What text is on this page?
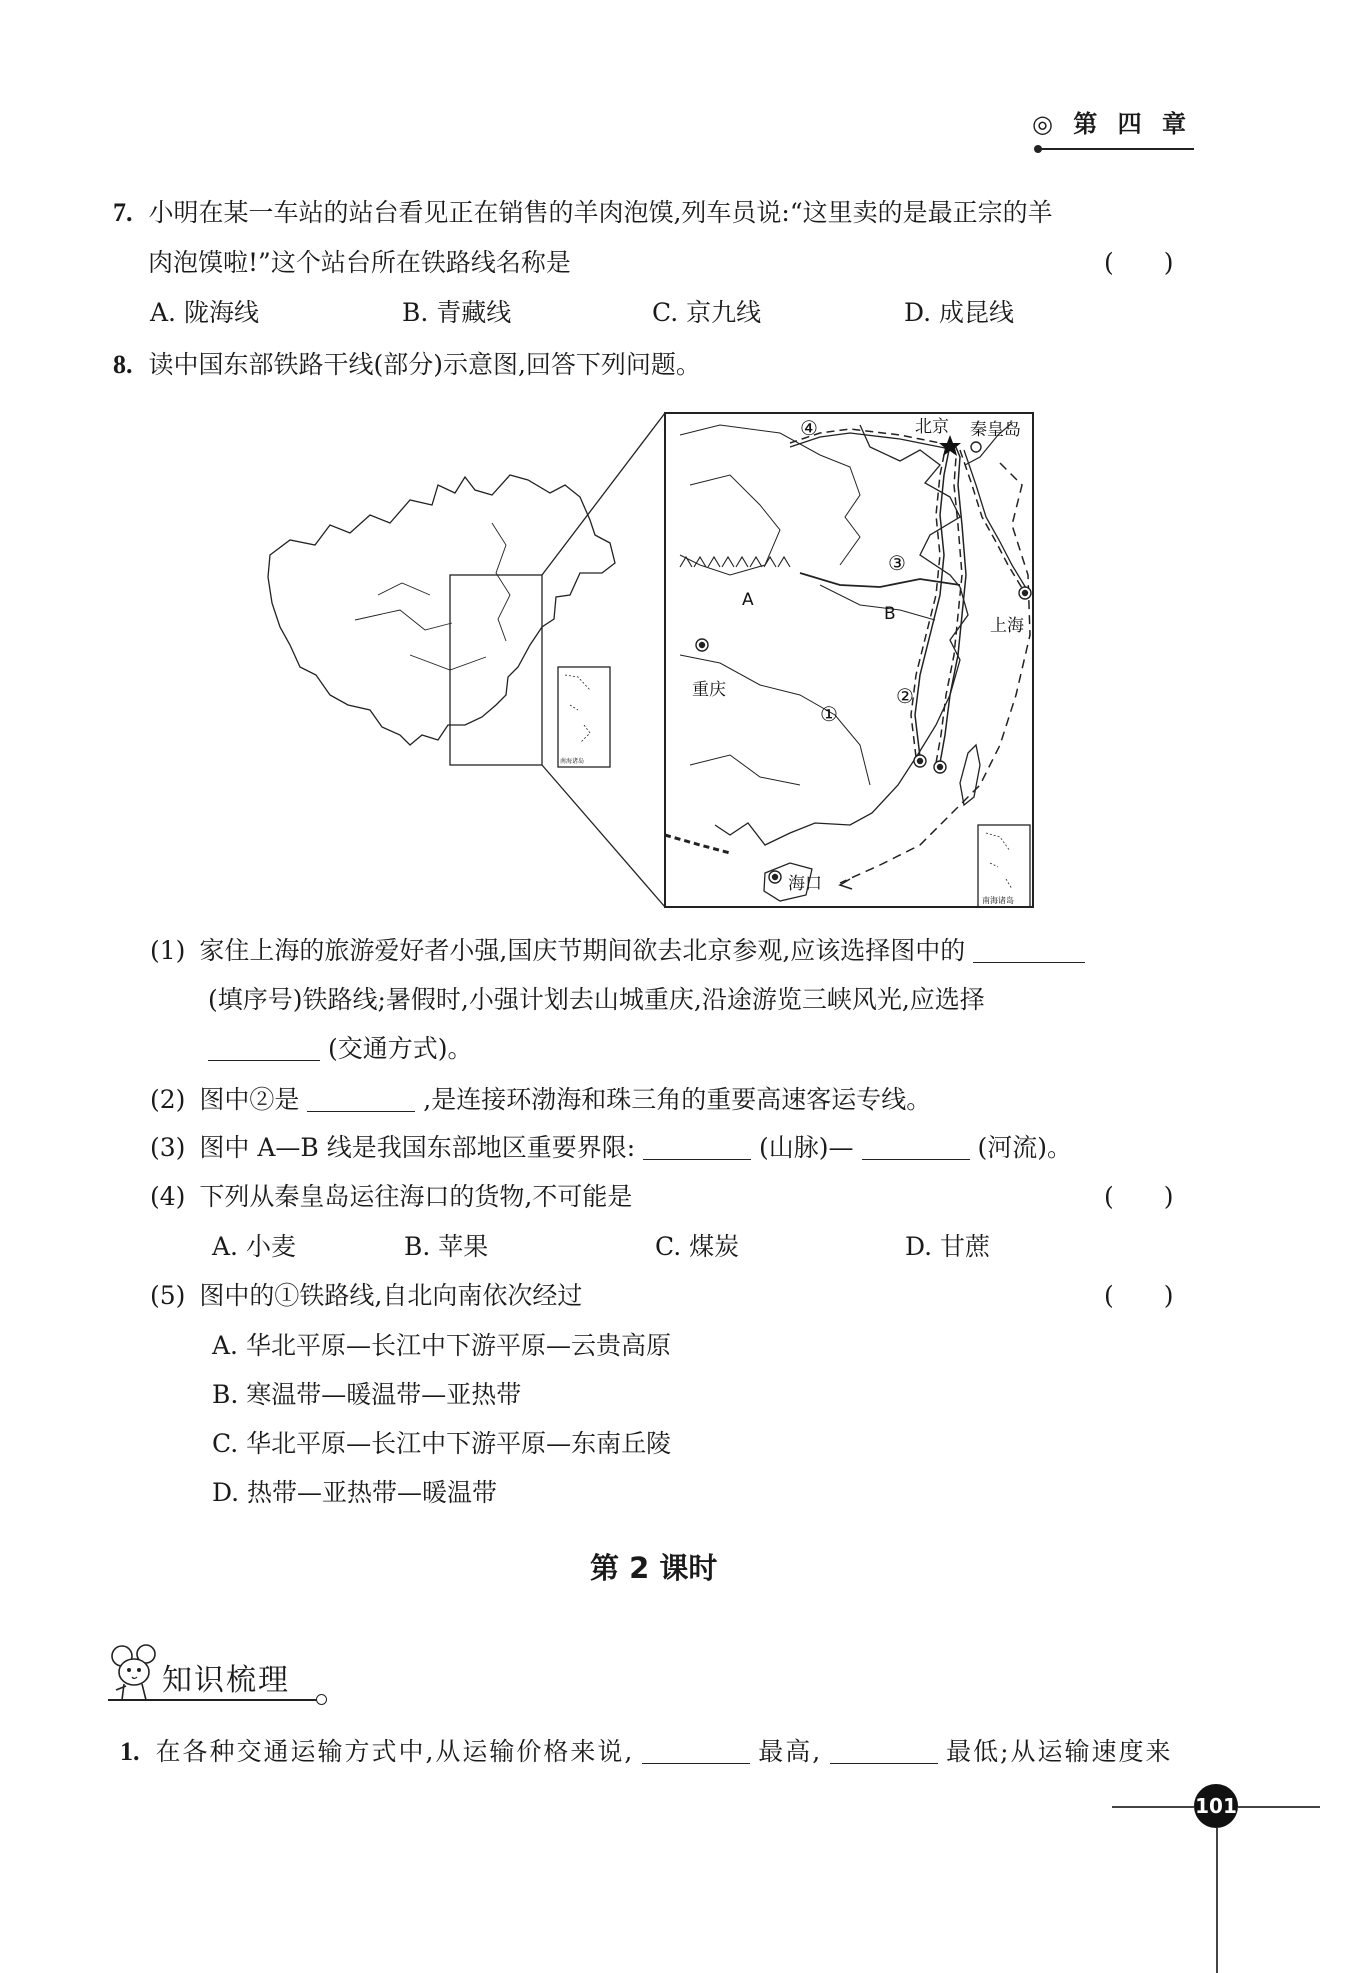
◎ 第 四 章
7. 小明在某一车站的站台看见正在销售的羊肉泡馍,列车员说:“这里卖的是最正宗的羊
肉泡馍啦!”这个站台所在铁路线名称是	(　　)
A. 陇海线	B. 青藏线	C. 京九线	D. 成昆线
8. 读中国东部铁路干线(部分)示意图,回答下列问题。
北京 秦皇岛
上海
重庆
海口
A
B
①
②
③
④
南海诸岛
南海诸岛
(1) 家住上海的旅游爱好者小强,国庆节期间欲去北京参观,应该选择图中的
(填序号)铁路线;暑假时,小强计划去山城重庆,沿途游览三峡风光,应选择
(交通方式)。
(2) 图中②是	,是连接环渤海和珠三角的重要高速客运专线。
(3) 图中 A—B 线是我国东部地区重要界限:	(山脉)—	(河流)。
(4) 下列从秦皇岛运往海口的货物,不可能是	(　　)
A. 小麦	B. 苹果	C. 煤炭	D. 甘蔗
(5) 图中的①铁路线,自北向南依次经过	(　　)
A. 华北平原—长江中下游平原—云贵高原
B. 寒温带—暖温带—亚热带
C. 华北平原—长江中下游平原—东南丘陵
D. 热带—亚热带—暖温带
第 2 课时
知识梳理
1. 在各种交通运输方式中,从运输价格来说,	最高,	最低;从运输速度来
101
